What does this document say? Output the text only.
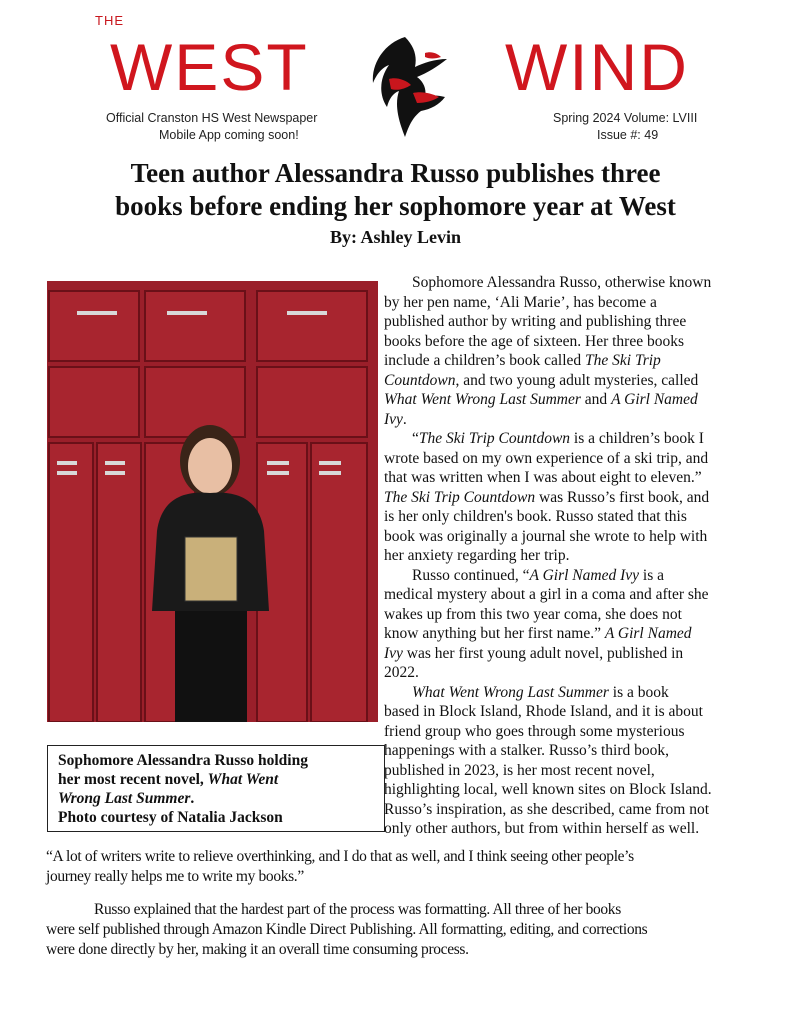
THE
WEST	WIND
Official Cranston HS West Newspaper
Mobile App coming soon!
Spring 2024 Volume: LVIII
Issue #: 49
Teen author Alessandra Russo publishes three
books before ending her sophomore year at West
By: Ashley Levin
Sophomore Alessandra Russo holding
her most recent novel, What Went
Wrong Last Summer.
Photo courtesy of Natalia Jackson
Sophomore Alessandra Russo, otherwise known
by her pen name, ‘Ali Marie’, has become a
published author by writing and publishing three
books before the age of sixteen. Her three books
include a children’s book called The Ski Trip
Countdown, and two young adult mysteries, called
What Went Wrong Last Summer and A Girl Named
Ivy.
“The Ski Trip Countdown is a children’s book I
wrote based on my own experience of a ski trip, and
that was written when I was about eight to eleven.”
The Ski Trip Countdown was Russo’s first book, and
is her only children's book. Russo stated that this
book was originally a journal she wrote to help with
her anxiety regarding her trip.
Russo continued, “A Girl Named Ivy is a
medical mystery about a girl in a coma and after she
wakes up from this two year coma, she does not
know anything but her first name.” A Girl Named
Ivy was her first young adult novel, published in
2022.
What Went Wrong Last Summer is a book
based in Block Island, Rhode Island, and it is about
friend group who goes through some mysterious
happenings with a stalker. Russo’s third book,
published in 2023, is her most recent novel,
highlighting local, well known sites on Block Island.
Russo’s inspiration, as she described, came from not
only other authors, but from within herself as well.
“A lot of writers write to relieve overthinking, and I do that as well, and I think seeing other people’s
journey really helps me to write my books.”
Russo explained that the hardest part of the process was formatting. All three of her books
were self published through Amazon Kindle Direct Publishing. All formatting, editing, and corrections
were done directly by her, making it an overall time consuming process.
